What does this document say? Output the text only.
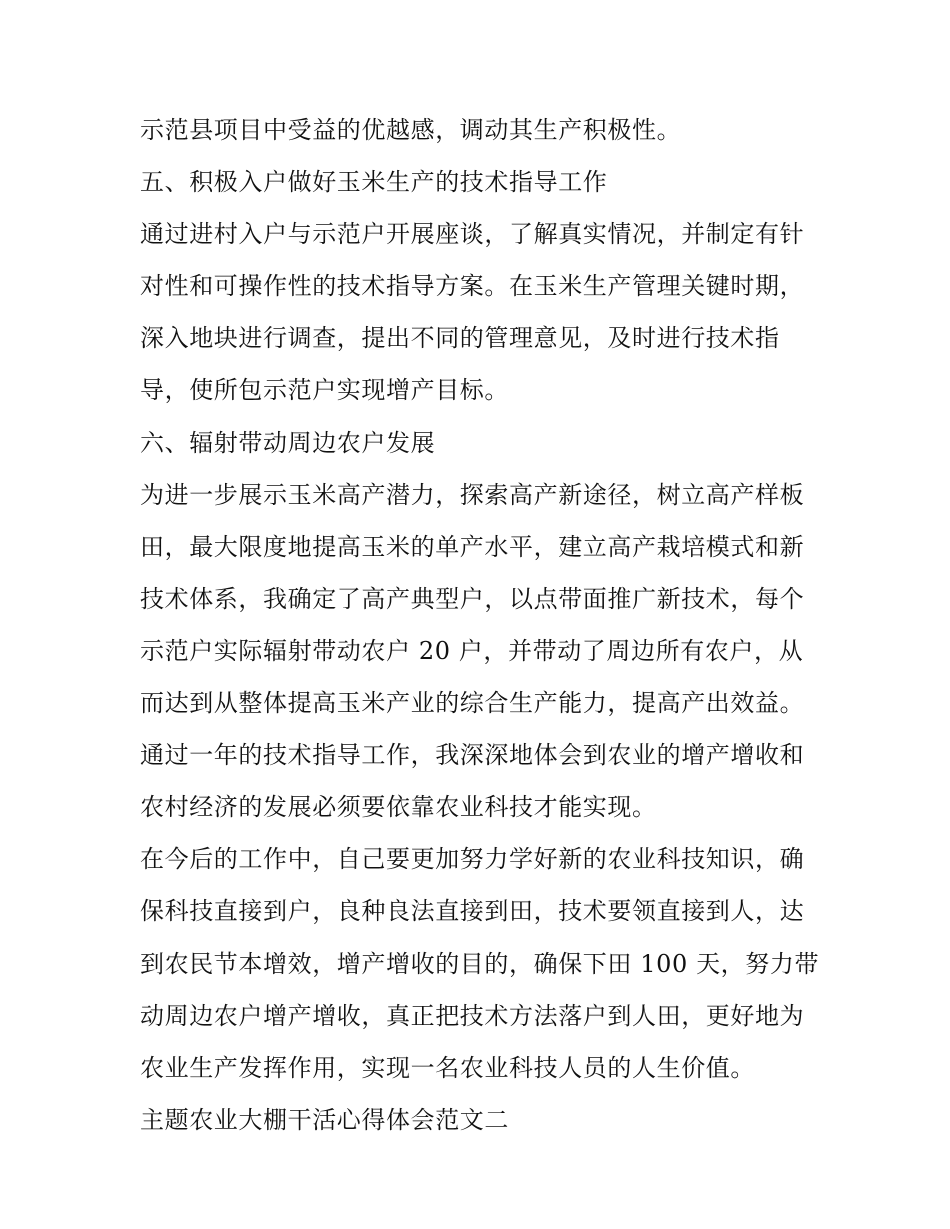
示范县项目中受益的优越感，调动其生产积极性。
五、积极入户做好玉米生产的技术指导工作
通过进村入户与示范户开展座谈，了解真实情况，并制定有针
对性和可操作性的技术指导方案。在玉米生产管理关键时期，
深入地块进行调查，提出不同的管理意见，及时进行技术指
导，使所包示范户实现增产目标。
六、辐射带动周边农户发展
为进一步展示玉米高产潜力，探索高产新途径，树立高产样板
田，最大限度地提高玉米的单产水平，建立高产栽培模式和新
技术体系，我确定了高产典型户，以点带面推广新技术，每个
示范户实际辐射带动农户 20 户，并带动了周边所有农户，从
而达到从整体提高玉米产业的综合生产能力，提高产出效益。
通过一年的技术指导工作，我深深地体会到农业的增产增收和
农村经济的发展必须要依靠农业科技才能实现。
在今后的工作中，自己要更加努力学好新的农业科技知识，确
保科技直接到户，良种良法直接到田，技术要领直接到人，达
到农民节本增效，增产增收的目的，确保下田 100 天，努力带
动周边农户增产增收，真正把技术方法落户到人田，更好地为
农业生产发挥作用，实现一名农业科技人员的人生价值。
主题农业大棚干活心得体会范文二
